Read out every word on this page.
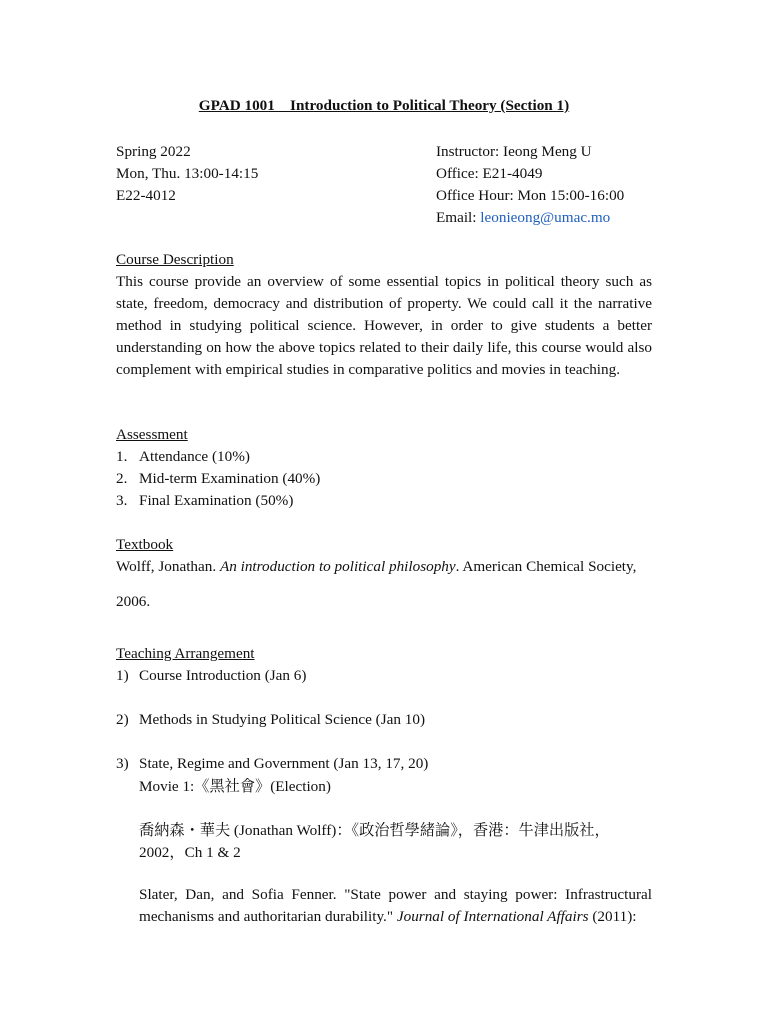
GPAD 1001    Introduction to Political Theory (Section 1)
Spring 2022
Mon, Thu. 13:00-14:15
E22-4012
Instructor: Ieong Meng U
Office: E21-4049
Office Hour: Mon 15:00-16:00
Email: leonieong@umac.mo
Course Description
This course provide an overview of some essential topics in political theory such as state, freedom, democracy and distribution of property. We could call it the narrative method in studying political science. However, in order to give students a better understanding on how the above topics related to their daily life, this course would also complement with empirical studies in comparative politics and movies in teaching.
Assessment
1. Attendance (10%)
2. Mid-term Examination (40%)
3. Final Examination (50%)
Textbook
Wolff, Jonathan. An introduction to political philosophy. American Chemical Society,
2006.
Teaching Arrangement
1) Course Introduction (Jan 6)
2) Methods in Studying Political Science (Jan 10)
3) State, Regime and Government (Jan 13, 17, 20)
Movie 1:《黑社會》(Election)
喬納森・華夫 (Jonathan Wolff)：《政治哲學緒論》，香港：牛津出版社，
2002，Ch 1 & 2
Slater, Dan, and Sofia Fenner. "State power and staying power: Infrastructural mechanisms and authoritarian durability." Journal of International Affairs (2011):
